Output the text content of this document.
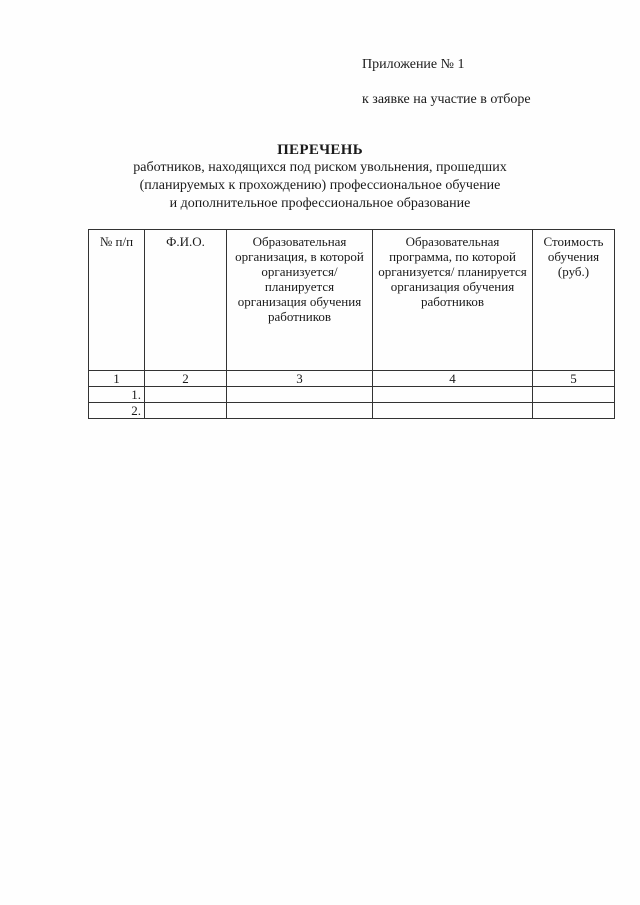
Приложение № 1
к заявке на участие в отборе
ПЕРЕЧЕНЬ
работников, находящихся под риском увольнения, прошедших
(планируемых к прохождению) профессиональное обучение
и дополнительное профессиональное образование
№ п/п	Ф.И.О.	Образовательная организация, в которой организуется/ планируется организация обучения работников	Образовательная программа, по которой организуется/ планируется организация обучения работников	Стоимость обучения (руб.)
1	2	3	4	5
1.				
2.				
